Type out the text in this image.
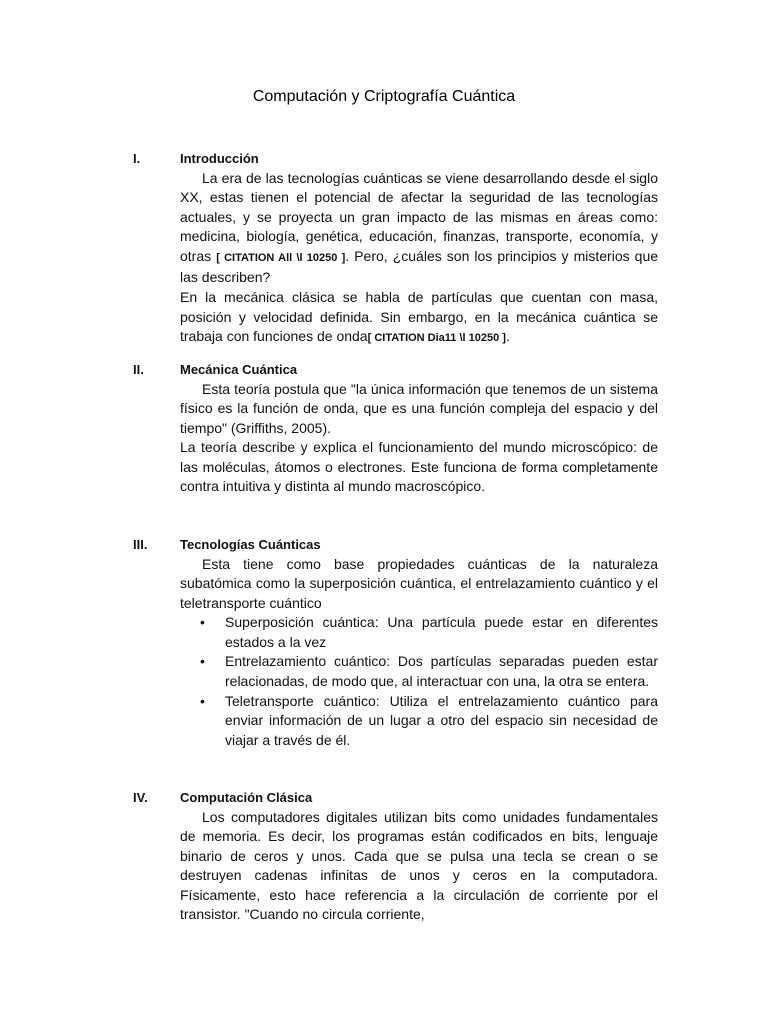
Computación y Criptografía Cuántica
I.	Introducción

La era de las tecnologías cuánticas se viene desarrollando desde el siglo XX, estas tienen el potencial de afectar la seguridad de las tecnologías actuales, y se proyecta un gran impacto de las mismas en áreas como: medicina, biología, genética, educación, finanzas, transporte, economía, y otras [ CITATION All \l 10250 ]. Pero, ¿cuáles son los principios y misterios que las describen?

En la mecánica clásica se habla de partículas que cuentan con masa, posición y velocidad definida. Sin embargo, en la mecánica cuántica se trabaja con funciones de onda[ CITATION Dia11 \l 10250 ].

II.	Mecánica Cuántica

Esta teoría postula que "la única información que tenemos de un sistema físico es la función de onda, que es una función compleja del espacio y del tiempo" (Griffiths, 2005).

La teoría describe y explica el funcionamiento del mundo microscópico: de las moléculas, átomos o electrones. Este funciona de forma completamente contra intuitiva y distinta al mundo macroscópico.

III.	Tecnologías Cuánticas

Esta tiene como base propiedades cuánticas de la naturaleza subatómica como la superposición cuántica, el entrelazamiento cuántico y el teletransporte cuántico

• Superposición cuántica: Una partícula puede estar en diferentes estados a la vez
• Entrelazamiento cuántico: Dos partículas separadas pueden estar relacionadas, de modo que, al interactuar con una, la otra se entera.
• Teletransporte cuántico: Utiliza el entrelazamiento cuántico para enviar información de un lugar a otro del espacio sin necesidad de viajar a través de él.
IV.	Computación Clásica

Los computadores digitales utilizan bits como unidades fundamentales de memoria. Es decir, los programas están codificados en bits, lenguaje binario de ceros y unos. Cada que se pulsa una tecla se crean o se destruyen cadenas infinitas de unos y ceros en la computadora. Físicamente, esto hace referencia a la circulación de corriente por el transistor. "Cuando no circula corriente,
